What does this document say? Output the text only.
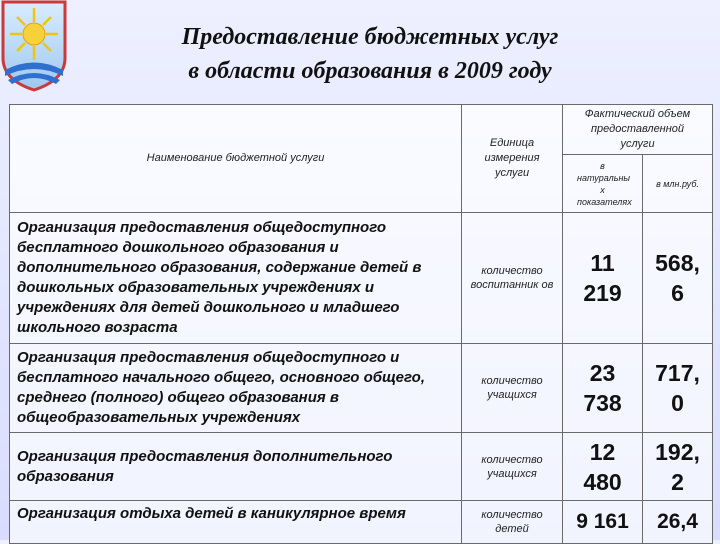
Предоставление бюджетных услуг
в области образования в 2009 году
Наименование бюджетной услуги	Единица измерения услуги	Фактический объем предоставленной услуги	
		в натуральны х показателях	в млн.руб.
Организация предоставления общедоступного бесплатного дошкольного образования и дополнительного образования, содержание детей в дошкольных образовательных учреждениях и учреждениях для детей дошкольного и младшего школьного возраста	количество воспитанник ов	11 219	568, 6
Организация предоставления общедоступного и бесплатного начального общего, основного общего, среднего (полного) общего образования в общеобразовательных учреждениях	количество учащихся	23 738	717, 0
Организация предоставления дополнительного образования	количество учащихся	12 480	192, 2

Организация отдыха детей в каникулярное время	количество детей	9 161	26,4
